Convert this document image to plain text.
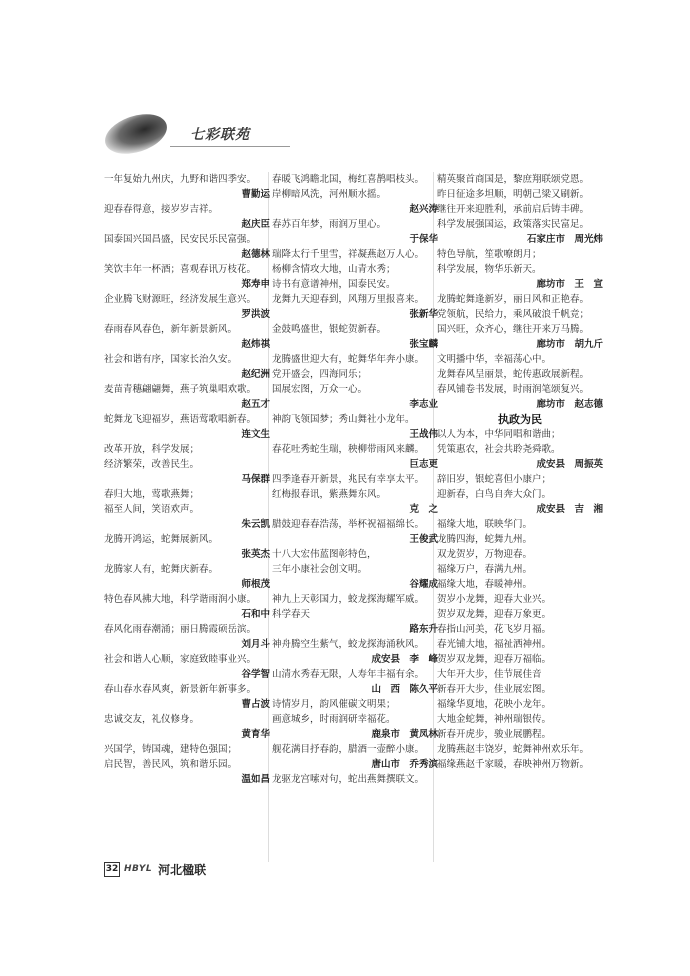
七彩联苑
一年复始九州庆，九野和谐四季安。
曹勤运
迎春春得意，接岁岁吉祥。
赵庆臣
国泰国兴国昌盛，民安民乐民富强。
赵德林
笑饮丰年一杯酒；喜观春讯万枝花。
郑寿申
企业腾飞财源旺，经济发展生意兴。
罗洪波
春雨春风春色，新年新景新风。
赵炜祺
社会和谐有序，国家长治久安。
赵纪洲
麦苗青穗翩翩舞，燕子筑巢唱欢歌。
赵五才
蛇舞龙飞迎福岁，燕语莺歌唱新春。
连文生
改革开放，科学发展；
经济繁荣，改善民生。
马保群
春归大地，莺歌燕舞；
福至人间，笑语欢声。
朱云凯
龙腾开鸿运，蛇舞展新风。
张英杰
龙腾家人有，蛇舞庆新春。
师根茂
特色春风拂大地，科学谐雨润小康。
石和中
春风化雨春潮涌；丽日腾霞硕岳滨。
刘月斗
社会和谐人心顺，家庭致睦事业兴。
谷学智
春山春水春风爽，新景新年新事多。
曹占波
忠诚交友，礼仪修身。
黄育华
兴国学，铸国魂，建特色强国；
启民智，善民风，筑和谐乐园。
温如昌
春暖飞鸿瞻北国，梅红喜鹊唱枝头。
岸柳暗风洗，河州顺水摇。
赵兴涛
春苏百年梦，雨润万里心。
于保华
瑞降太行千里雪，祥凝燕赵万人心。
杨柳含情攻大地，山青水秀；
诗书有意谱神州，国泰民安。
龙舞九天迎春到，风翔万里报喜来。
张新华
金鼓鸣盛世，银蛇贺新春。
张宝麟
龙腾盛世迎大有，蛇舞华年奔小康。
党开盛会，四海同乐；
国展宏图，万众一心。
李志业
神韵飞领国梦；秀山舞社小龙年。
王战伟
春花吐秀蛇生瑞，秧柳带雨风来麟。
巨志更
四季逢春开新景，兆民有幸享太平。
红梅报春讯，紫燕舞东风。
克　之
腊鼓迎春春浩荡，举杯祝福福绵长。
王俊武
十八大宏伟蓝图彰特色，
三年小康社会创文明。
谷耀成
神九上天彰国力，蛟龙探海耀军威。
科学春天
路东升
神舟腾空生紫气，蛟龙探海涌秋风。
成安县　李　峰
山清水秀春无限，人寿年丰福有余。
山　西　陈久平
诗情岁月，韵风催碳文明果；
画意城乡，时雨润研幸福花。
鹿泉市　黄凤林
舰花满目抒春韵，腊酒一壶醉小康。
唐山市　乔秀滨
龙驱龙宫嗦对句，蛇出燕舞撰联文。
精英聚首商国是，黎庶翔联颂党恩。
昨日征途多坦顺，明朝己梁又刷新。
继往开来迎胜利，承前启后铸丰碑。
科学发展强国运，政策落实民富足。
石家庄市　周光炜
特色导航，笙歌嘹朗月；
科学发展，物华乐新天。
廊坊市　王　宣
龙腾蛇舞逢新岁，丽日风和正艳春。
党领航，民给力，乘风破浪千帆竞；
国兴旺，众齐心，继往开来万马腾。
廊坊市　胡九斤
文明播中华，幸福荡心中。
龙舞春风呈丽景，蛇传惠政展新程。
春风铺卷书发展，时雨润笔颂复兴。
廊坊市　赵志德
执政为民
以人为本，中华同唱和谐曲；
凭策惠农，社会共聆尧舜歌。
成安县　周振英
辞旧岁，银蛇喜但小康户；
迎新春，白鸟自奔大众门。
成安县　吉　湘
福缘大地，联映华门。
龙腾四海，蛇舞九州。
双龙贺岁，万物迎春。
福缘万户，春满九州。
福缘大地，春暖神州。
贺岁小龙舞，迎春大业兴。
贺岁双龙舞，迎春万象更。
春指山河美，花飞岁月福。
春光铺大地，福祉洒神州。
贺岁双龙舞，迎春万福临。
大年开大步，佳节展佳音
新春开大步，佳业展宏图。
福缘华夏地，花映小龙年。
大地金蛇舞，神州瑞银传。
新春开虎步，骏业展鹏程。
龙腾燕赵丰饶岁，蛇舞神州欢乐年。
福缘燕赵千家暖，春映神州万物新。
32 HBYL 河北楹联
